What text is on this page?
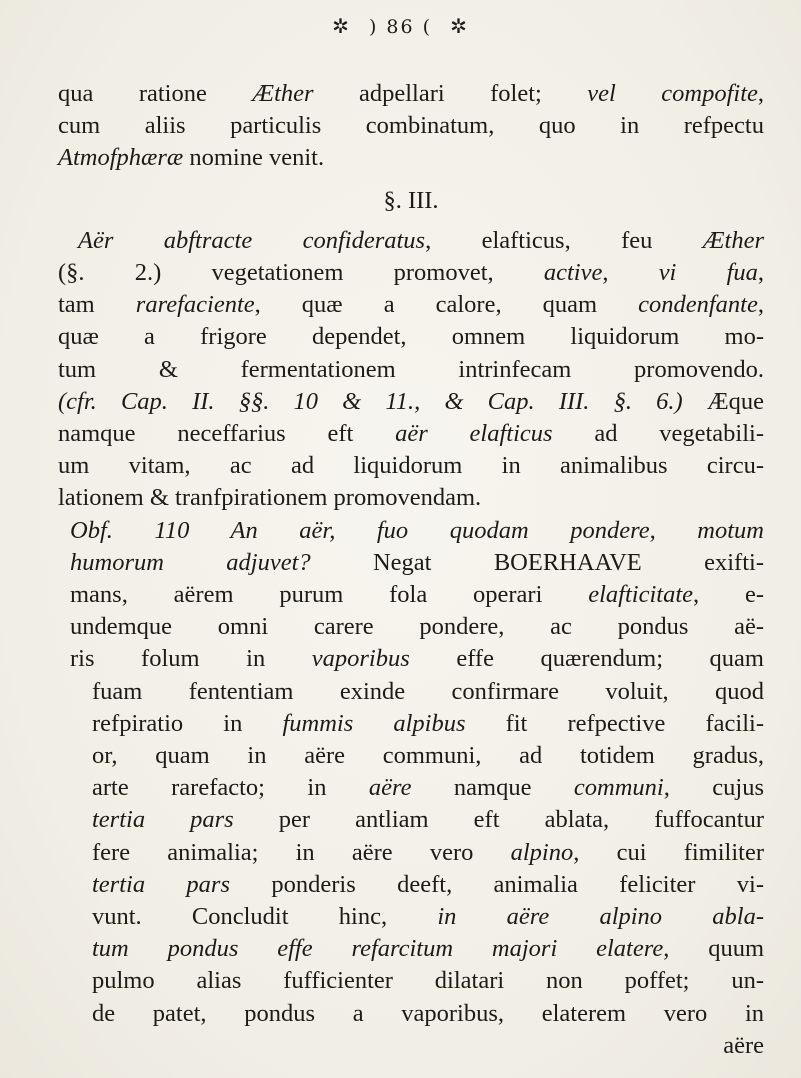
✲ ) 86 ( ✲
qua ratione Æther adpellari folet; vel compofite,
cum aliis particulis combinatum, quo in refpectu
Atmofphæræ nomine venit.
§. III.
Aër abftracte confideratus, elafticus, feu Æther
(§. 2.) vegetationem promovet, active, vi fua,
tam rarefaciente, quæ a calore, quam condenfante,
quæ a frigore dependet, omnem liquidorum mo-
tum & fermentationem intrinfecam promovendo.
(cfr. Cap. II. §§. 10 & 11., & Cap. III. §. 6.) Æque
namque neceffarius eft aër elafticus ad vegetabili-
um vitam, ac ad liquidorum in animalibus circu-
lationem & tranfpirationem promovendam.
Obf. 110 An aër, fuo quodam pondere, motum
humorum adjuvet? Negat BOERHAAVE exifti-
mans, aërem purum fola operari elafticitate, e-
undemque omni carere pondere, ac pondus aë-
ris folum in vaporibus effe quærendum; quam
fuam fententiam exinde confirmare voluit, quod
refpiratio in fummis alpibus fit refpective facili-
or, quam in aëre communi, ad totidem gradus,
arte rarefacto; in aëre namque communi, cujus
tertia pars per antliam eft ablata, fuffocantur
fere animalia; in aëre vero alpino, cui fimiliter
tertia pars ponderis deeft, animalia feliciter vi-
vunt. Concludit hinc, in aëre alpino abla-
tum pondus effe refarcitum majori elatere, quum
pulmo alias fufficienter dilatari non poffet; un-
de patet, pondus a vaporibus, elaterem vero in
aëre
